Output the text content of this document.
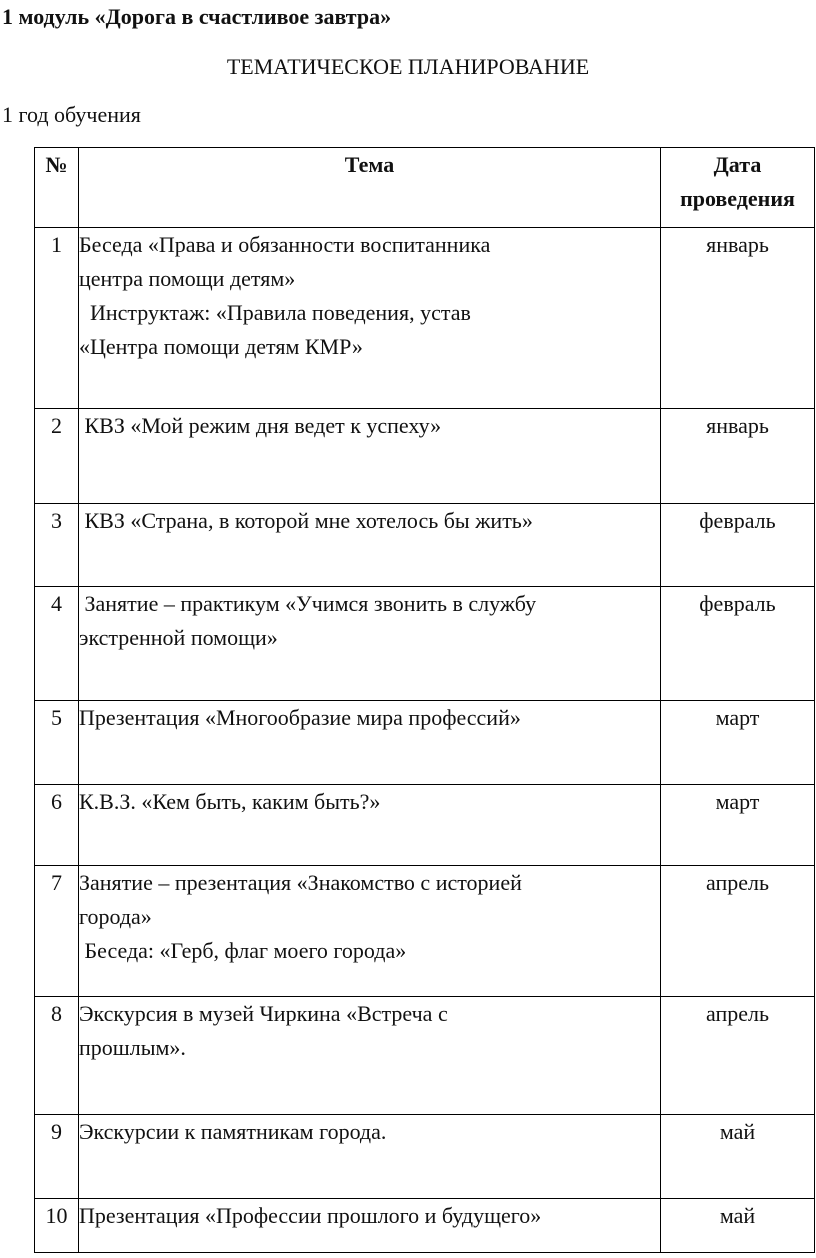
1 модуль «Дорога в счастливое завтра»
ТЕМАТИЧЕСКОЕ ПЛАНИРОВАНИЕ

1 год обучения

№	Тема	Дата
проведения

1	Беседа «Права и обязанности воспитанника
центра помощи детям»
Инструктаж: «Правила поведения, устав
«Центра помощи детям КМР»	январь
2	КВЗ «Мой режим дня ведет к успеху»	январь
3	КВЗ «Страна, в которой мне хотелось бы жить»	февраль
4	Занятие – практикум «Учимся звонить в службу
экстренной помощи»	февраль
5	Презентация «Многообразие мира профессий»	март
6	К.В.З. «Кем быть, каким быть?»	март
7	Занятие – презентация «Знакомство с историей
города»
Беседа: «Герб, флаг моего города»	апрель
8	Экскурсия в музей Чиркина «Встреча с
прошлым».	апрель
9	Экскурсии к памятникам города.	май
10	Презентация «Профессии прошлого и будущего»	май
